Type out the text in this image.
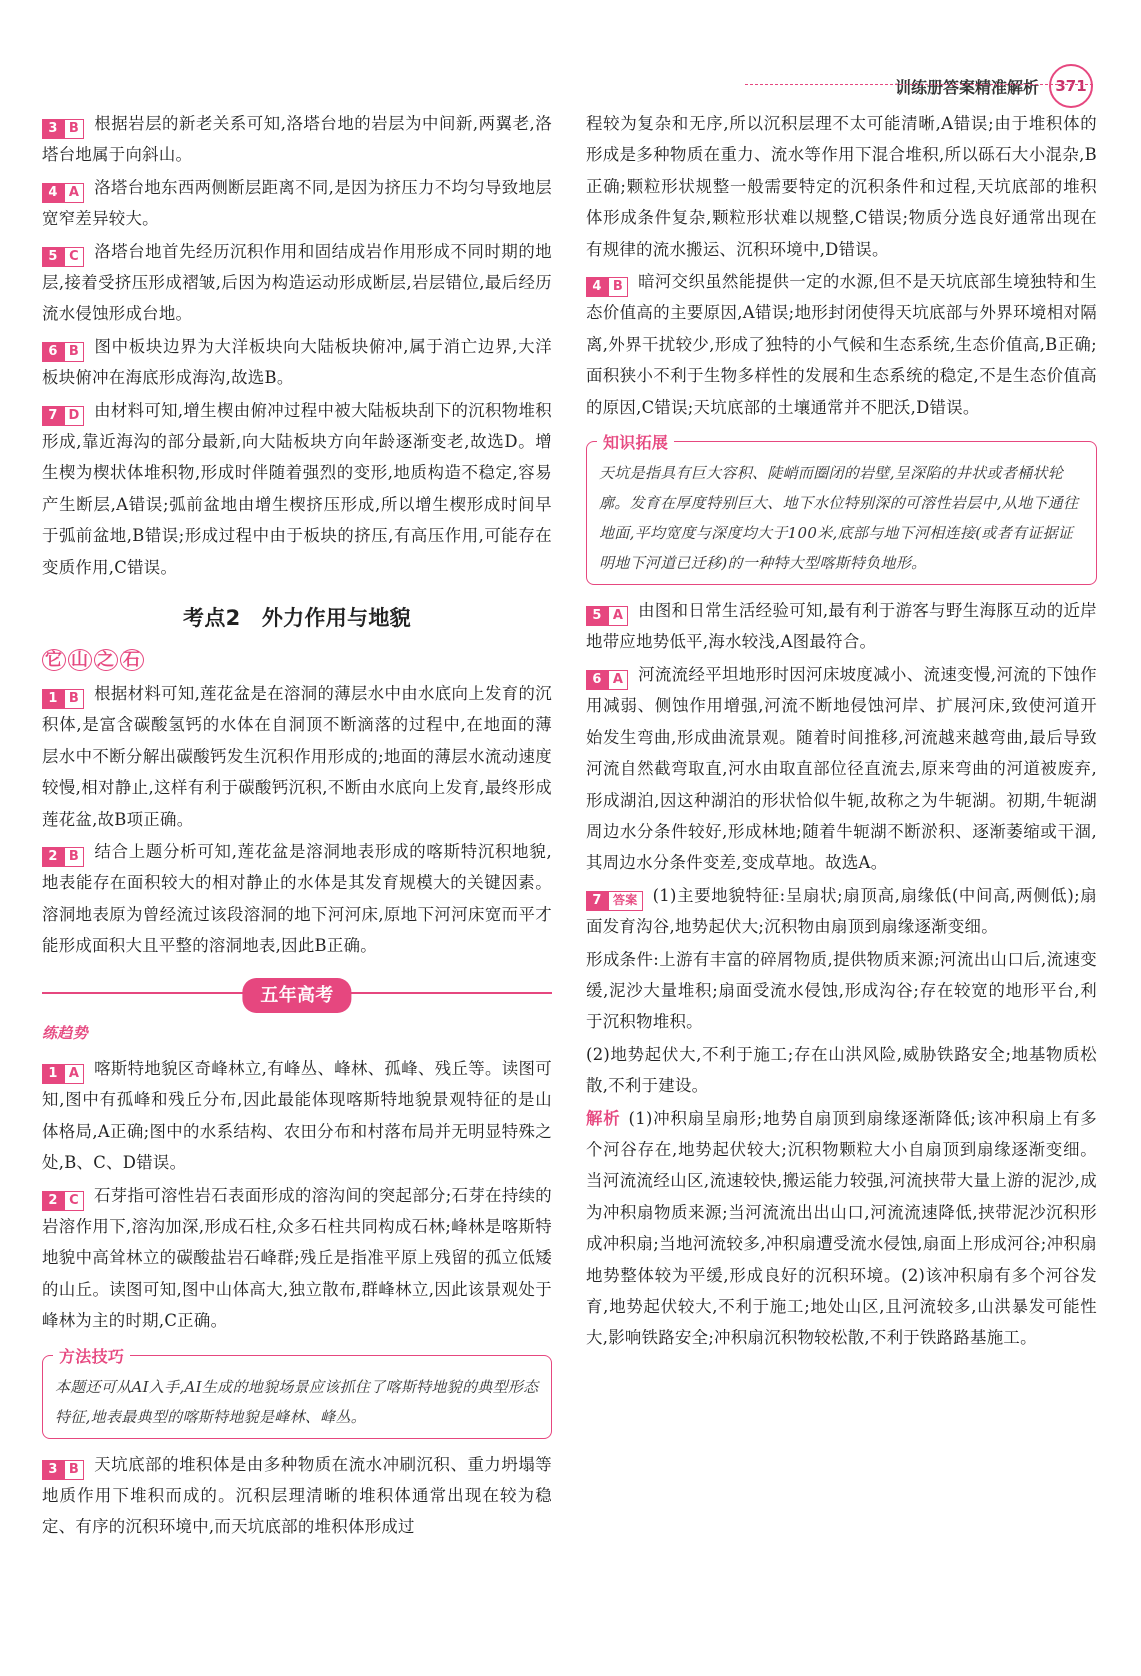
训练册答案精准解析	371

3 B 根据岩层的新老关系可知,洛塔台地的岩层为中间新,两翼老,洛塔台地属于向斜山。

4 A 洛塔台地东西两侧断层距离不同,是因为挤压力不均匀导致地层宽窄差异较大。

5 C 洛塔台地首先经历沉积作用和固结成岩作用形成不同时期的地层,接着受挤压形成褶皱,后因为构造运动形成断层,岩层错位,最后经历流水侵蚀形成台地。

6 B 图中板块边界为大洋板块向大陆板块俯冲,属于消亡边界,大洋板块俯冲在海底形成海沟,故选B。

7 D 由材料可知,增生楔由俯冲过程中被大陆板块刮下的沉积物堆积形成,靠近海沟的部分最新,向大陆板块方向年龄逐渐变老,故选D。增生楔为楔状体堆积物,形成时伴随着强烈的变形,地质构造不稳定,容易产生断层,A错误;弧前盆地由增生楔挤压形成,所以增生楔形成时间早于弧前盆地,B错误;形成过程中由于板块的挤压,有高压作用,可能存在变质作用,C错误。

考点2　外力作用与地貌
它 山 之 石

1 B 根据材料可知,莲花盆是在溶洞的薄层水中由水底向上发育的沉积体,是富含碳酸氢钙的水体在自洞顶不断滴落的过程中,在地面的薄层水中不断分解出碳酸钙发生沉积作用形成的;地面的薄层水流动速度较慢,相对静止,这样有利于碳酸钙沉积,不断由水底向上发育,最终形成莲花盆,故B项正确。

2 B 结合上题分析可知,莲花盆是溶洞地表形成的喀斯特沉积地貌,地表能存在面积较大的相对静止的水体是其发育规模大的关键因素。溶洞地表原为曾经流过该段溶洞的地下河河床,原地下河河床宽而平才能形成面积大且平整的溶洞地表,因此B正确。

五年高考
练趋势

1 A 喀斯特地貌区奇峰林立,有峰丛、峰林、孤峰、残丘等。读图可知,图中有孤峰和残丘分布,因此最能体现喀斯特地貌景观特征的是山体格局,A正确;图中的水系结构、农田分布和村落布局并无明显特殊之处,B、C、D错误。

2 C 石芽指可溶性岩石表面形成的溶沟间的突起部分;石芽在持续的岩溶作用下,溶沟加深,形成石柱,众多石柱共同构成石林;峰林是喀斯特地貌中高耸林立的碳酸盐岩石峰群;残丘是指准平原上残留的孤立低矮的山丘。读图可知,图中山体高大,独立散布,群峰林立,因此该景观处于峰林为主的时期,C正确。

方法技巧
本题还可从AI入手,AI生成的地貌场景应该抓住了喀斯特地貌的典型形态特征,地表最典型的喀斯特地貌是峰林、峰丛。

3 B 天坑底部的堆积体是由多种物质在流水冲刷沉积、重力坍塌等地质作用下堆积而成的。沉积层理清晰的堆积体通常出现在较为稳定、有序的沉积环境中,而天坑底部的堆积体形成过

程较为复杂和无序,所以沉积层理不太可能清晰,A错误;由于堆积体的形成是多种物质在重力、流水等作用下混合堆积,所以砾石大小混杂,B正确;颗粒形状规整一般需要特定的沉积条件和过程,天坑底部的堆积体形成条件复杂,颗粒形状难以规整,C错误;物质分选良好通常出现在有规律的流水搬运、沉积环境中,D错误。

4 B 暗河交织虽然能提供一定的水源,但不是天坑底部生境独特和生态价值高的主要原因,A错误;地形封闭使得天坑底部与外界环境相对隔离,外界干扰较少,形成了独特的小气候和生态系统,生态价值高,B正确;面积狭小不利于生物多样性的发展和生态系统的稳定,不是生态价值高的原因,C错误;天坑底部的土壤通常并不肥沃,D错误。

知识拓展
天坑是指具有巨大容积、陡峭而圈闭的岩壁,呈深陷的井状或者桶状轮廓。发育在厚度特别巨大、地下水位特别深的可溶性岩层中,从地下通往地面,平均宽度与深度均大于100米,底部与地下河相连接(或者有证据证明地下河道已迁移)的一种特大型喀斯特负地形。

5 A 由图和日常生活经验可知,最有利于游客与野生海豚互动的近岸地带应地势低平,海水较浅,A图最符合。

6 A 河流流经平坦地形时因河床坡度减小、流速变慢,河流的下蚀作用减弱、侧蚀作用增强,河流不断地侵蚀河岸、扩展河床,致使河道开始发生弯曲,形成曲流景观。随着时间推移,河流越来越弯曲,最后导致河流自然截弯取直,河水由取直部位径直流去,原来弯曲的河道被废弃,形成湖泊,因这种湖泊的形状恰似牛轭,故称之为牛轭湖。初期,牛轭湖周边水分条件较好,形成林地;随着牛轭湖不断淤积、逐渐萎缩或干涸,其周边水分条件变差,变成草地。故选A。

7 答案 (1)主要地貌特征:呈扇状;扇顶高,扇缘低(中间高,两侧低);扇面发育沟谷,地势起伏大;沉积物由扇顶到扇缘逐渐变细。

形成条件:上游有丰富的碎屑物质,提供物质来源;河流出山口后,流速变缓,泥沙大量堆积;扇面受流水侵蚀,形成沟谷;存在较宽的地形平台,利于沉积物堆积。

(2)地势起伏大,不利于施工;存在山洪风险,威胁铁路安全;地基物质松散,不利于建设。

解析 (1)冲积扇呈扇形;地势自扇顶到扇缘逐渐降低;该冲积扇上有多个河谷存在,地势起伏较大;沉积物颗粒大小自扇顶到扇缘逐渐变细。当河流流经山区,流速较快,搬运能力较强,河流挟带大量上游的泥沙,成为冲积扇物质来源;当河流流出出山口,河流流速降低,挟带泥沙沉积形成冲积扇;当地河流较多,冲积扇遭受流水侵蚀,扇面上形成河谷;冲积扇地势整体较为平缓,形成良好的沉积环境。(2)该冲积扇有多个河谷发育,地势起伏较大,不利于施工;地处山区,且河流较多,山洪暴发可能性大,影响铁路安全;冲积扇沉积物较松散,不利于铁路路基施工。
